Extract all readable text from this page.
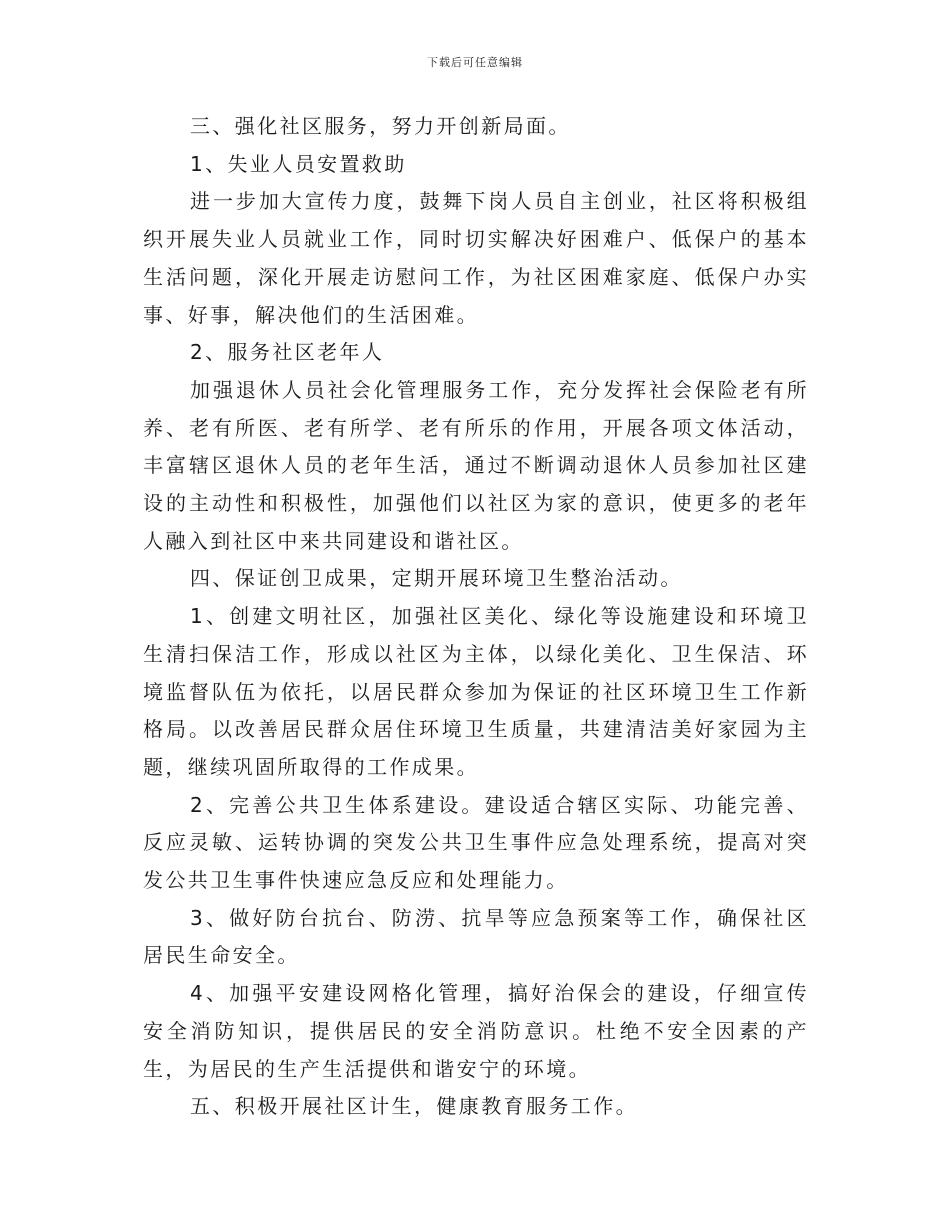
下载后可任意编辑

三、强化社区服务，努力开创新局面。

1、失业人员安置救助

进一步加大宣传力度，鼓舞下岗人员自主创业，社区将积极组织开展失业人员就业工作，同时切实解决好困难户、低保户的基本生活问题，深化开展走访慰问工作，为社区困难家庭、低保户办实事、好事，解决他们的生活困难。

2、服务社区老年人

加强退休人员社会化管理服务工作，充分发挥社会保险老有所养、老有所医、老有所学、老有所乐的作用，开展各项文体活动，丰富辖区退休人员的老年生活，通过不断调动退休人员参加社区建设的主动性和积极性，加强他们以社区为家的意识，使更多的老年人融入到社区中来共同建设和谐社区。

四、保证创卫成果，定期开展环境卫生整治活动。

1、创建文明社区，加强社区美化、绿化等设施建设和环境卫生清扫保洁工作，形成以社区为主体，以绿化美化、卫生保洁、环境监督队伍为依托，以居民群众参加为保证的社区环境卫生工作新格局。以改善居民群众居住环境卫生质量，共建清洁美好家园为主题，继续巩固所取得的工作成果。

2、完善公共卫生体系建设。建设适合辖区实际、功能完善、反应灵敏、运转协调的突发公共卫生事件应急处理系统，提高对突发公共卫生事件快速应急反应和处理能力。

3、做好防台抗台、防涝、抗旱等应急预案等工作，确保社区居民生命安全。

4、加强平安建设网格化管理，搞好治保会的建设，仔细宣传安全消防知识，提供居民的安全消防意识。杜绝不安全因素的产生，为居民的生产生活提供和谐安宁的环境。

五、积极开展社区计生，健康教育服务工作。
